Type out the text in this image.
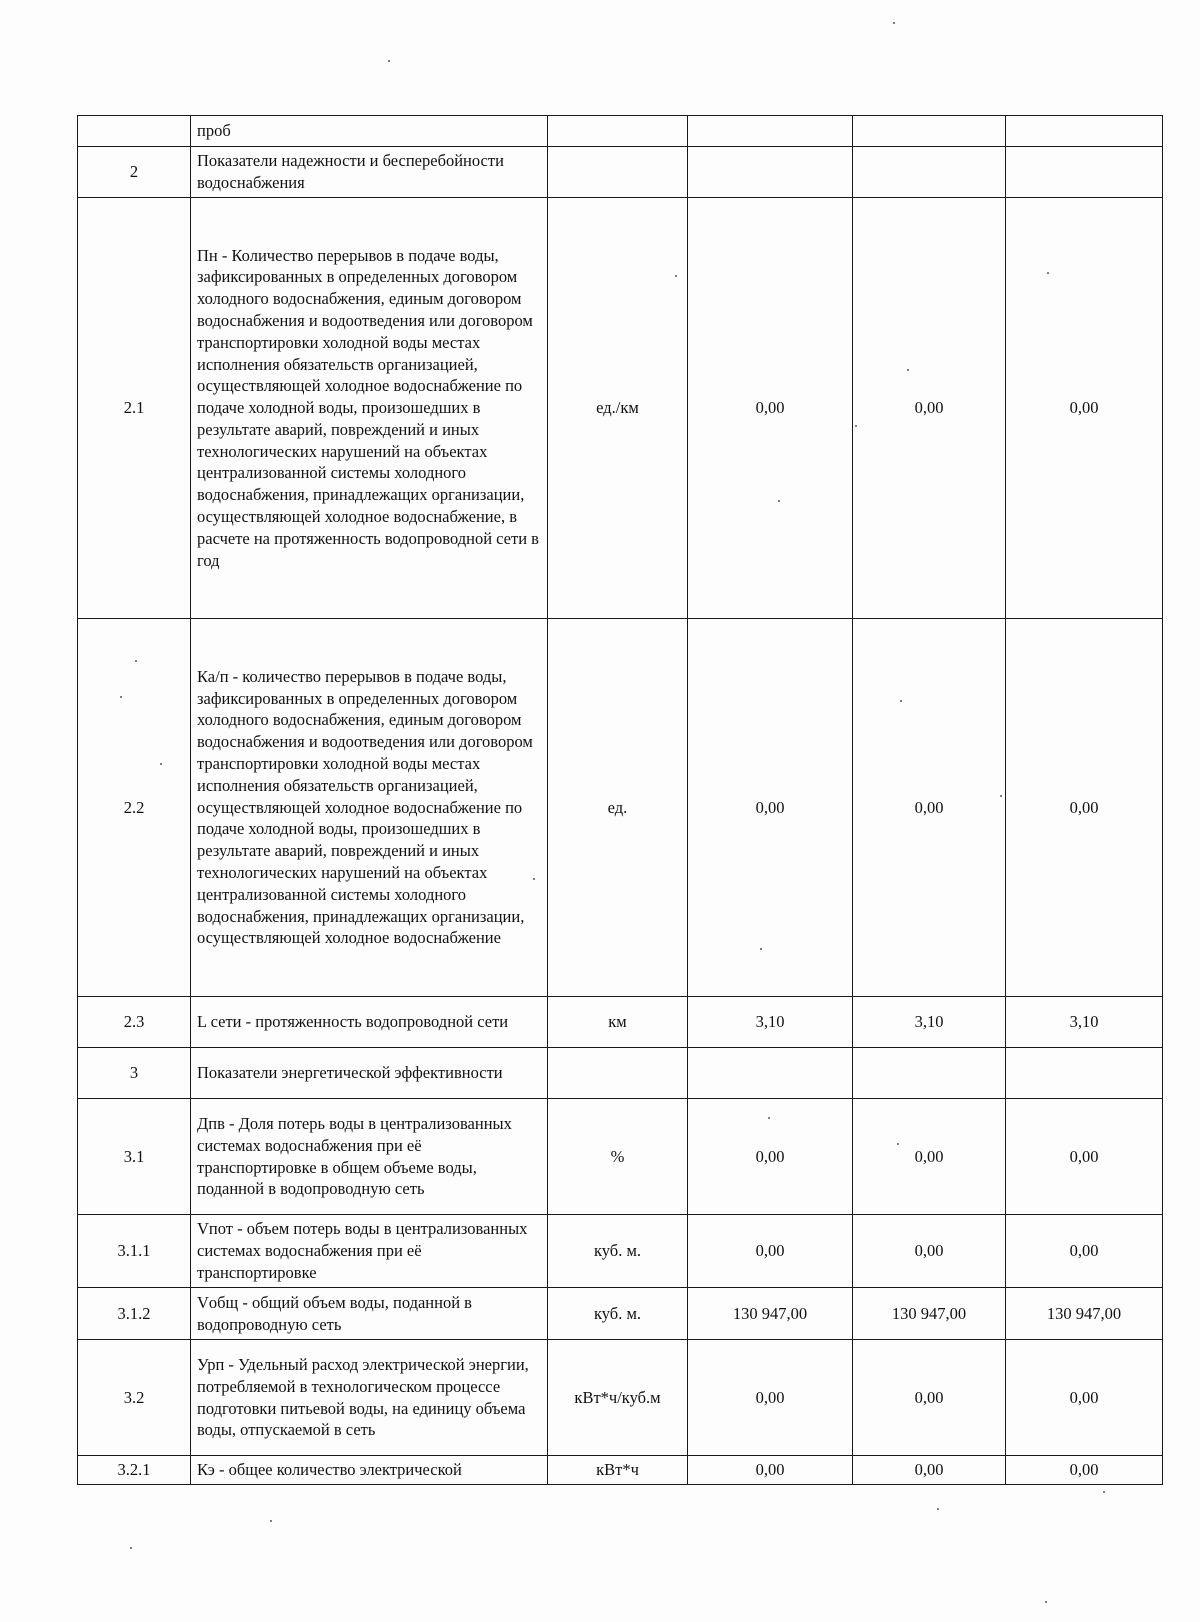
	проб				
2	Показатели надежности и бесперебойности водоснабжения				
2.1	Пн - Количество перерывов в подаче воды, зафиксированных в определенных договором холодного водоснабжения, единым договором водоснабжения и водоотведения или договором транспортировки холодной воды местах исполнения обязательств организацией, осуществляющей холодное водоснабжение по подаче холодной воды, произошедших в результате аварий, повреждений и иных технологических нарушений на объектах централизованной системы холодного водоснабжения, принадлежащих организации, осуществляющей холодное водоснабжение, в расчете на протяженность водопроводной сети в год	ед./км	0,00	0,00	0,00
2.2	Ка/п - количество перерывов в подаче воды, зафиксированных в определенных договором холодного водоснабжения, единым договором водоснабжения и водоотведения или договором транспортировки холодной воды местах исполнения обязательств организацией, осуществляющей холодное водоснабжение по подаче холодной воды, произошедших в результате аварий, повреждений и иных технологических нарушений на объектах централизованной системы холодного водоснабжения, принадлежащих организации, осуществляющей холодное водоснабжение	ед.	0,00	0,00	0,00
2.3	L сети - протяженность водопроводной сети	км	3,10	3,10	3,10
3	Показатели энергетической эффективности				
3.1	Дпв - Доля потерь воды в централизованных системах водоснабжения при её транспортировке в общем объеме воды, поданной в водопроводную сеть	%	0,00	0,00	0,00
3.1.1	Vпот - объем потерь воды в централизованных системах водоснабжения при её транспортировке	куб. м.	0,00	0,00	0,00
3.1.2	Vобщ - общий объем воды, поданной в водопроводную сеть	куб. м.	130 947,00	130 947,00	130 947,00
3.2	Урп - Удельный расход электрической энергии, потребляемой в технологическом процессе подготовки питьевой воды, на единицу объема воды, отпускаемой в сеть	кВт*ч/куб.м	0,00	0,00	0,00
3.2.1	Кэ - общее количество электрической	кВт*ч	0,00	0,00	0,00
